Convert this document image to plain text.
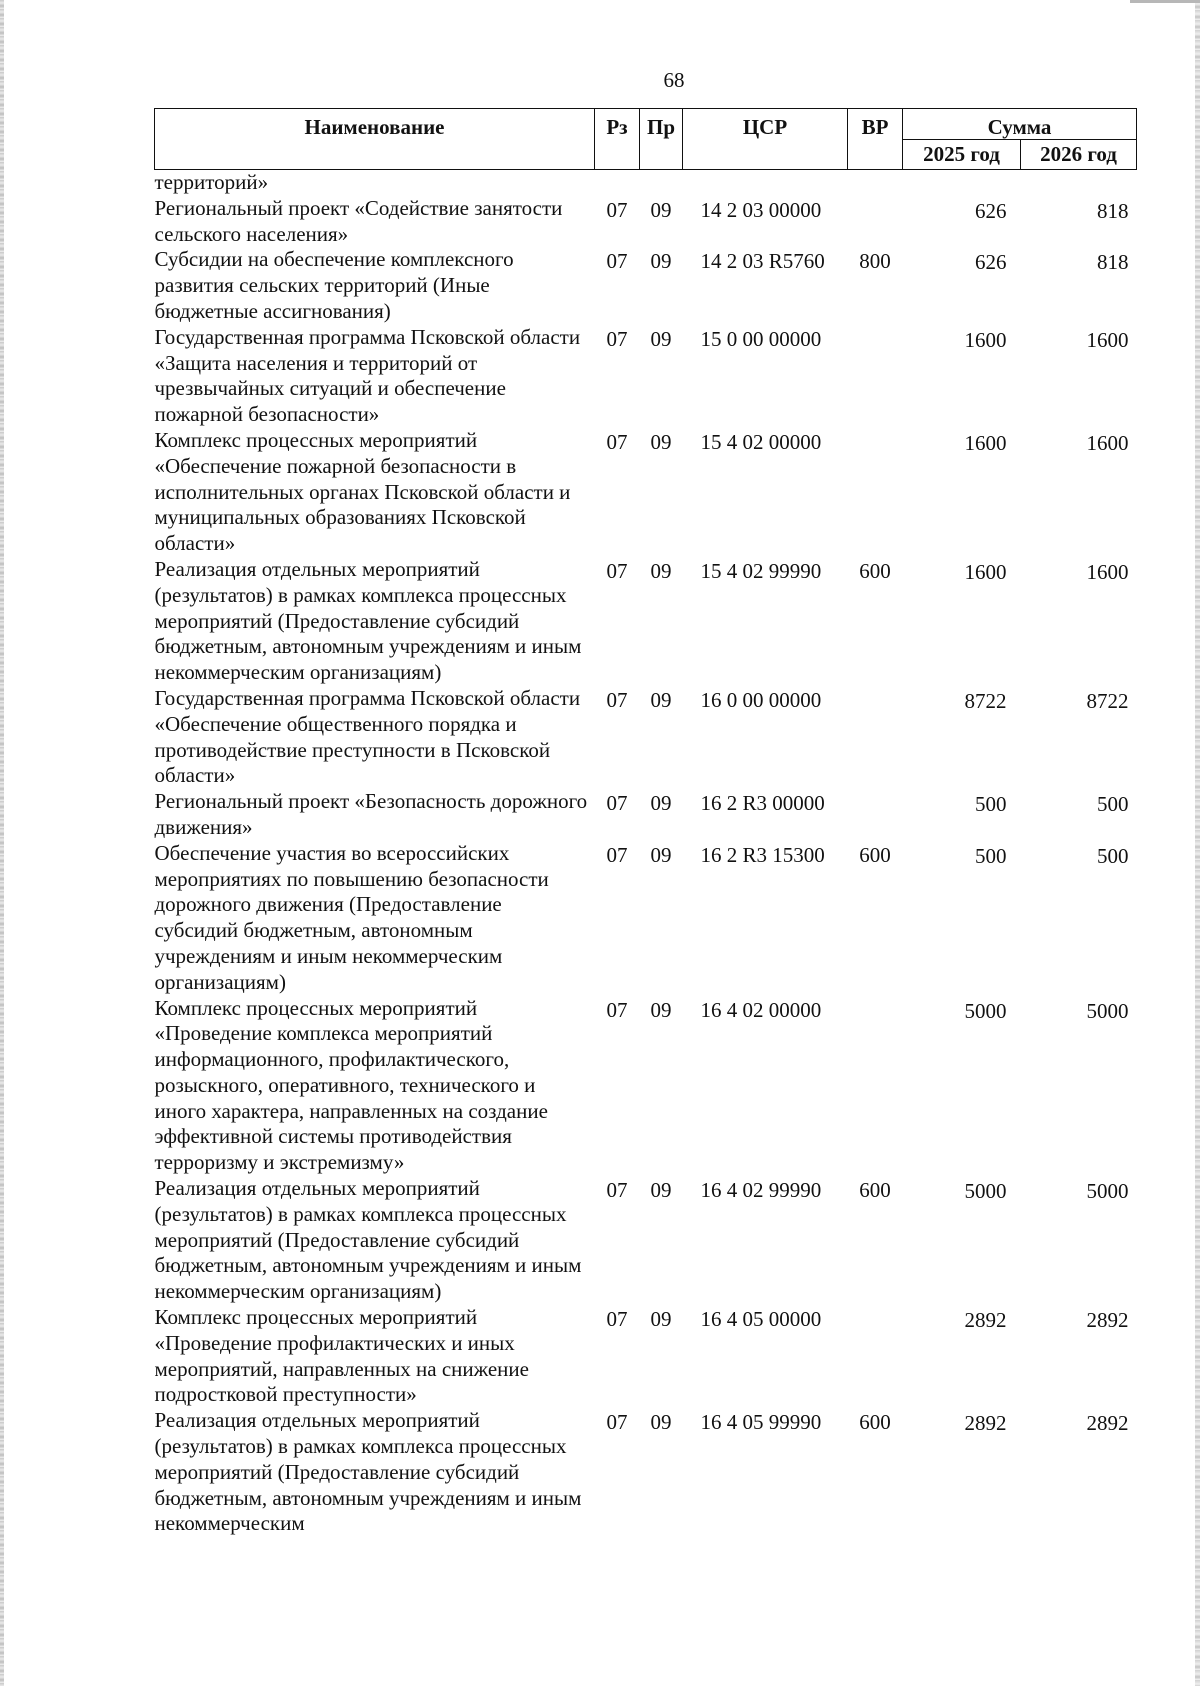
68
Наименование	Рз	Пр	ЦСР	ВР	Сумма	
					2025 год	2026 год
территорий»						
Региональный проект «Содействие занятости сельского населения»	07	09	14 2 03 00000		626	818
Субсидии на обеспечение комплексного развития сельских территорий (Иные бюджетные ассигнования)	07	09	14 2 03 R5760	800	626	818
Государственная программа Псковской области «Защита населения и территорий от чрезвычайных ситуаций и обеспечение пожарной безопасности»	07	09	15 0 00 00000		1600	1600
Комплекс процессных мероприятий «Обеспечение пожарной безопасности в исполнительных органах Псковской области и муниципальных образованиях Псковской области»	07	09	15 4 02 00000		1600	1600
Реализация отдельных мероприятий (результатов) в рамках комплекса процессных мероприятий (Предоставление субсидий бюджетным, автономным учреждениям и иным некоммерческим организациям)	07	09	15 4 02 99990	600	1600	1600
Государственная программа Псковской области «Обеспечение общественного порядка и противодействие преступности в Псковской области»	07	09	16 0 00 00000		8722	8722
Региональный проект «Безопасность дорожного движения»	07	09	16 2 R3 00000		500	500
Обеспечение участия во всероссийских мероприятиях по повышению безопасности дорожного движения (Предоставление субсидий бюджетным, автономным учреждениям и иным некоммерческим организациям)	07	09	16 2 R3 15300	600	500	500
Комплекс процессных мероприятий «Проведение комплекса мероприятий информационного, профилактического, розыскного, оперативного, технического и иного характера, направленных на создание эффективной системы противодействия терроризму и экстремизму»	07	09	16 4 02 00000		5000	5000
Реализация отдельных мероприятий (результатов) в рамках комплекса процессных мероприятий (Предоставление субсидий бюджетным, автономным учреждениям и иным некоммерческим организациям)	07	09	16 4 02 99990	600	5000	5000
Комплекс процессных мероприятий «Проведение профилактических и иных мероприятий, направленных на снижение подростковой преступности»	07	09	16 4 05 00000		2892	2892
Реализация отдельных мероприятий (результатов) в рамках комплекса процессных мероприятий (Предоставление субсидий бюджетным, автономным учреждениям и иным некоммерческим	07	09	16 4 05 99990	600	2892	2892
